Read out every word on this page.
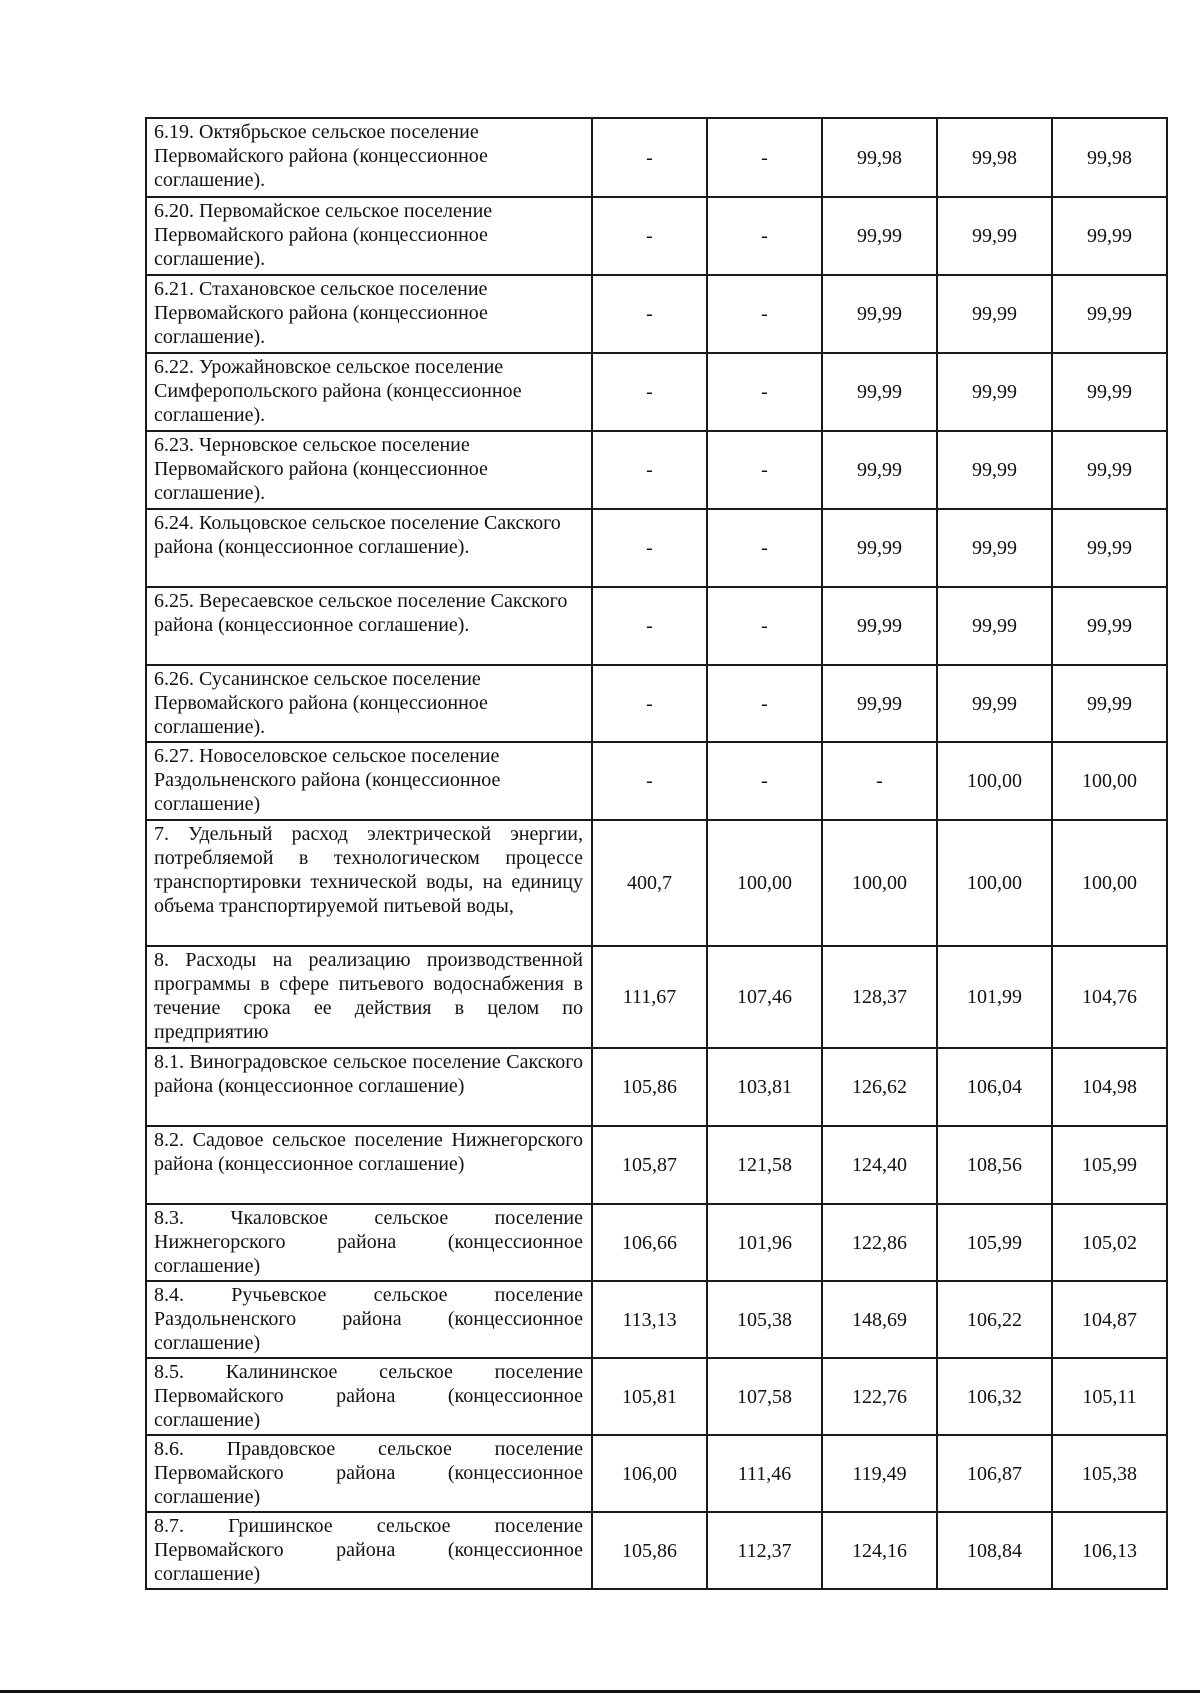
6.19. Октябрьское сельское поселение Первомайского района (концессионное соглашение).	-	-	99,98	99,98	99,98
6.20. Первомайское сельское поселение Первомайского района (концессионное соглашение).	-	-	99,99	99,99	99,99
6.21. Стахановское сельское поселение Первомайского района (концессионное соглашение).	-	-	99,99	99,99	99,99
6.22. Урожайновское сельское поселение Симферопольского района (концессионное соглашение).	-	-	99,99	99,99	99,99
6.23. Черновское сельское поселение Первомайского района (концессионное соглашение).	-	-	99,99	99,99	99,99
6.24. Кольцовское сельское поселение Сакского района (концессионное соглашение).	-	-	99,99	99,99	99,99
6.25. Вересаевское сельское поселение Сакского района (концессионное соглашение).	-	-	99,99	99,99	99,99
6.26. Сусанинское сельское поселение Первомайского района (концессионное соглашение).	-	-	99,99	99,99	99,99
6.27. Новоселовское сельское поселение Раздольненского района (концессионное соглашение)	-	-	-	100,00	100,00
7. Удельный расход электрической энергии, потребляемой в технологическом процессе транспортировки технической воды, на единицу объема транспортируемой питьевой воды,	400,7	100,00	100,00	100,00	100,00
8. Расходы на реализацию производственной программы в сфере питьевого водоснабжения в течение срока ее действия в целом по предприятию	111,67	107,46	128,37	101,99	104,76
8.1. Виноградовское сельское поселение Сакского района (концессионное соглашение)	105,86	103,81	126,62	106,04	104,98
8.2. Садовое сельское поселение Нижнегорского района (концессионное соглашение)	105,87	121,58	124,40	108,56	105,99
8.3. Чкаловское сельское поселение Нижнегорского района (концессионное соглашение)	106,66	101,96	122,86	105,99	105,02
8.4. Ручьевское сельское поселение Раздольненского района (концессионное соглашение)	113,13	105,38	148,69	106,22	104,87
8.5. Калининское сельское поселение Первомайского района (концессионное соглашение)	105,81	107,58	122,76	106,32	105,11
8.6. Правдовское сельское поселение Первомайского района (концессионное соглашение)	106,00	111,46	119,49	106,87	105,38
8.7. Гришинское сельское поселение Первомайского района (концессионное соглашение)	105,86	112,37	124,16	108,84	106,13
